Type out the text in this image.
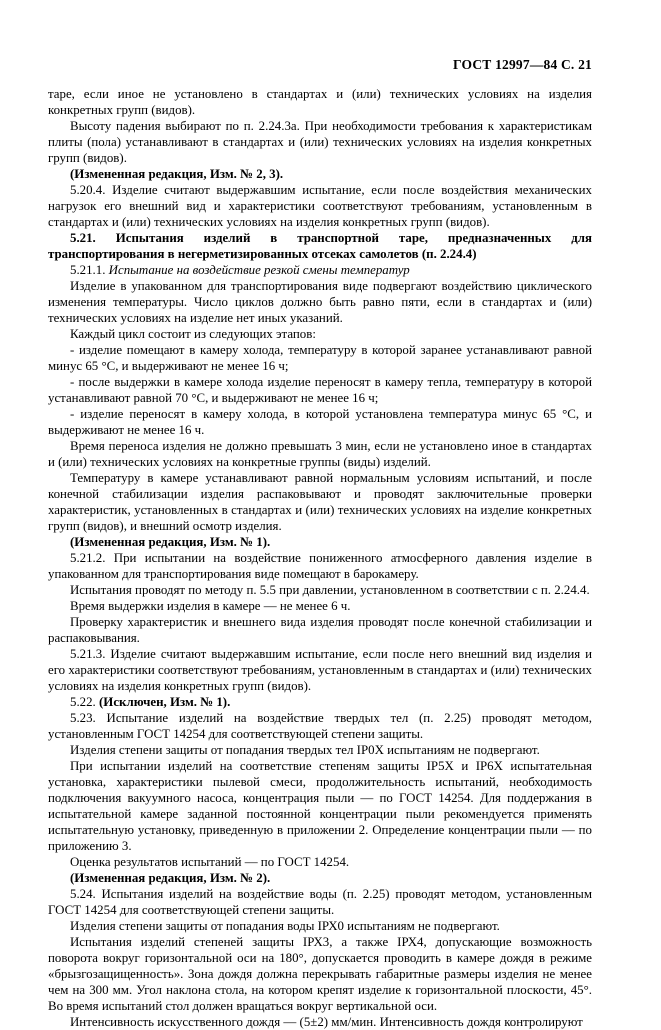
ГОСТ 12997—84 С. 21

таре, если иное не установлено в стандартах и (или) технических условиях на изделия конкретных групп (видов).

Высоту падения выбирают по п. 2.24.3а. При необходимости требования к характеристикам плиты (пола) устанавливают в стандартах и (или) технических условиях на изделия конкретных групп (видов).

(Измененная редакция, Изм. № 2, 3).

5.20.4. Изделие считают выдержавшим испытание, если после воздействия механических нагрузок его внешний вид и характеристики соответствуют требованиям, установленным в стандартах и (или) технических условиях на изделия конкретных групп (видов).

5.21. Испытания изделий в транспортной таре, предназначенных для транспортирования в негерметизированных отсеках самолетов (п. 2.24.4)

5.21.1. Испытание на воздействие резкой смены температур

Изделие в упакованном для транспортирования виде подвергают воздействию циклического изменения температуры. Число циклов должно быть равно пяти, если в стандартах и (или) технических условиях на изделие нет иных указаний.

Каждый цикл состоит из следующих этапов:

- изделие помещают в камеру холода, температуру в которой заранее устанавливают равной минус 65 °С, и выдерживают не менее 16 ч;

- после выдержки в камере холода изделие переносят в камеру тепла, температуру в которой устанавливают равной 70 °С, и выдерживают не менее 16 ч;

- изделие переносят в камеру холода, в которой установлена температура минус 65 °С, и выдерживают не менее 16 ч.

Время переноса изделия не должно превышать 3 мин, если не установлено иное в стандартах и (или) технических условиях на конкретные группы (виды) изделий.

Температуру в камере устанавливают равной нормальным условиям испытаний, и после конечной стабилизации изделия распаковывают и проводят заключительные проверки характеристик, установленных в стандартах и (или) технических условиях на изделие конкретных групп (видов), и внешний осмотр изделия.

(Измененная редакция, Изм. № 1).

5.21.2. При испытании на воздействие пониженного атмосферного давления изделие в упакованном для транспортирования виде помещают в барокамеру.

Испытания проводят по методу п. 5.5 при давлении, установленном в соответствии с п. 2.24.4.

Время выдержки изделия в камере — не менее 6 ч.

Проверку характеристик и внешнего вида изделия проводят после конечной стабилизации и распаковывания.

5.21.3. Изделие считают выдержавшим испытание, если после него внешний вид изделия и его характеристики соответствуют требованиям, установленным в стандартах и (или) технических условиях на изделия конкретных групп (видов).

5.22. (Исключен, Изм. № 1).

5.23. Испытание изделий на воздействие твердых тел (п. 2.25) проводят методом, установленным ГОСТ 14254 для соответствующей степени защиты.

Изделия степени защиты от попадания твердых тел IР0Х испытаниям не подвергают.

При испытании изделий на соответствие степеням защиты IР5Х и IР6Х испытательная установка, характеристики пылевой смеси, продолжительность испытаний, необходимость подключения вакуумного насоса, концентрация пыли — по ГОСТ 14254. Для поддержания в испытательной камере заданной постоянной концентрации пыли рекомендуется применять испытательную установку, приведенную в приложении 2. Определение концентрации пыли — по приложению 3.

Оценка результатов испытаний — по ГОСТ 14254.

(Измененная редакция, Изм. № 2).

5.24. Испытания изделий на воздействие воды (п. 2.25) проводят методом, установленным ГОСТ 14254 для соответствующей степени защиты.

Изделия степени защиты от попадания воды IРХ0 испытаниям не подвергают.

Испытания изделий степеней защиты IРХ3, а также IРХ4, допускающие возможность поворота вокруг горизонтальной оси на 180°, допускается проводить в камере дождя в режиме «брызгозащищенность». Зона дождя должна перекрывать габаритные размеры изделия не менее чем на 300 мм. Угол наклона стола, на котором крепят изделие к горизонтальной плоскости, 45°. Во время испытаний стол должен вращаться вокруг вертикальной оси.

Интенсивность искусственного дождя — (5±2) мм/мин. Интенсивность дождя контролируют
